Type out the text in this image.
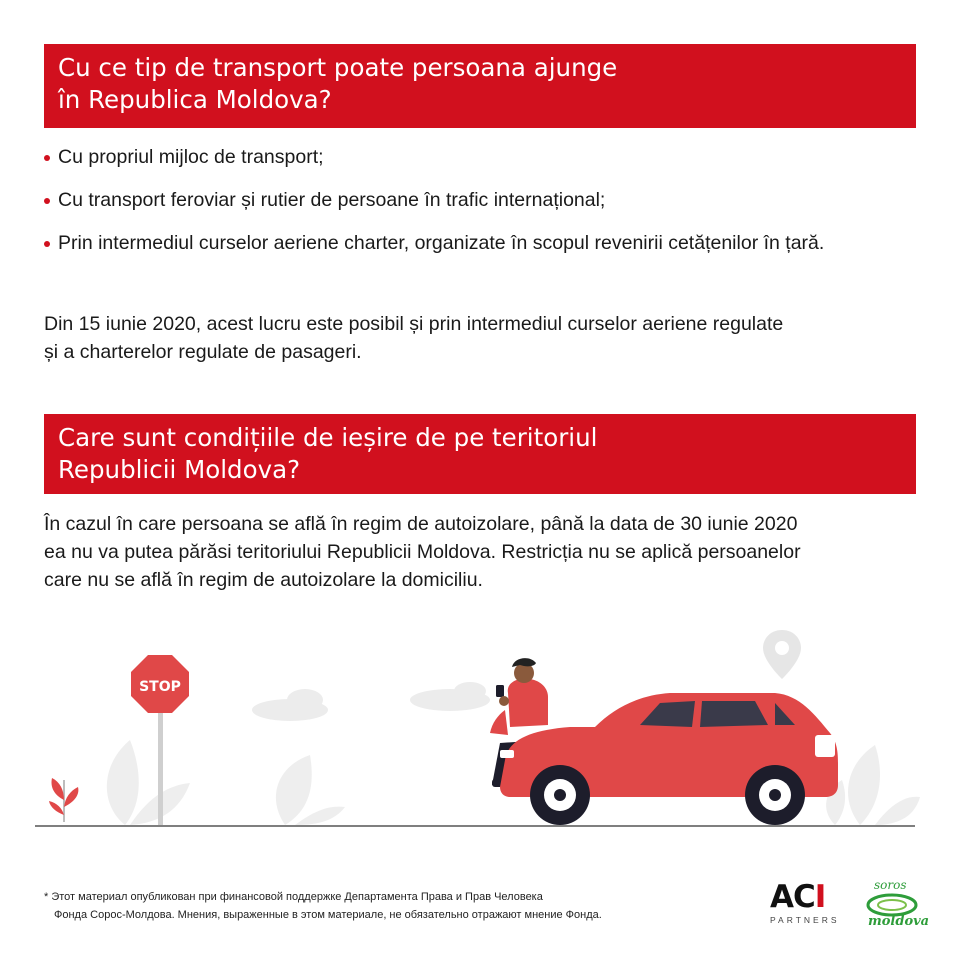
Cu ce tip de transport poate persoana ajunge
în Republica Moldova?
Cu propriul mijloc de transport;
Cu transport feroviar și rutier de persoane în trafic internațional;
Prin intermediul curselor aeriene charter, organizate în scopul revenirii cetățenilor în țară.

Din 15 iunie 2020, acest lucru este posibil și prin intermediul curselor aeriene regulate
și a charterelor regulate de pasageri.

Care sunt condițiile de ieșire de pe teritoriul
Republicii Moldova?

În cazul în care persoana se află în regim de autoizolare, până la data de 30 iunie 2020
ea nu va putea părăsi teritoriului Republicii Moldova. Restricția nu se aplică persoanelor
care nu se află în regim de autoizolare la domiciliu.

STOP
* Этот материал опубликован при финансовой поддержке Департамента Права и Прав Человека
Фонда Сорос-Молдова. Мнения, выраженные в этом материале, не обязательно отражают мнение Фонда.	ACI
PARTNERS
soros
moldova
